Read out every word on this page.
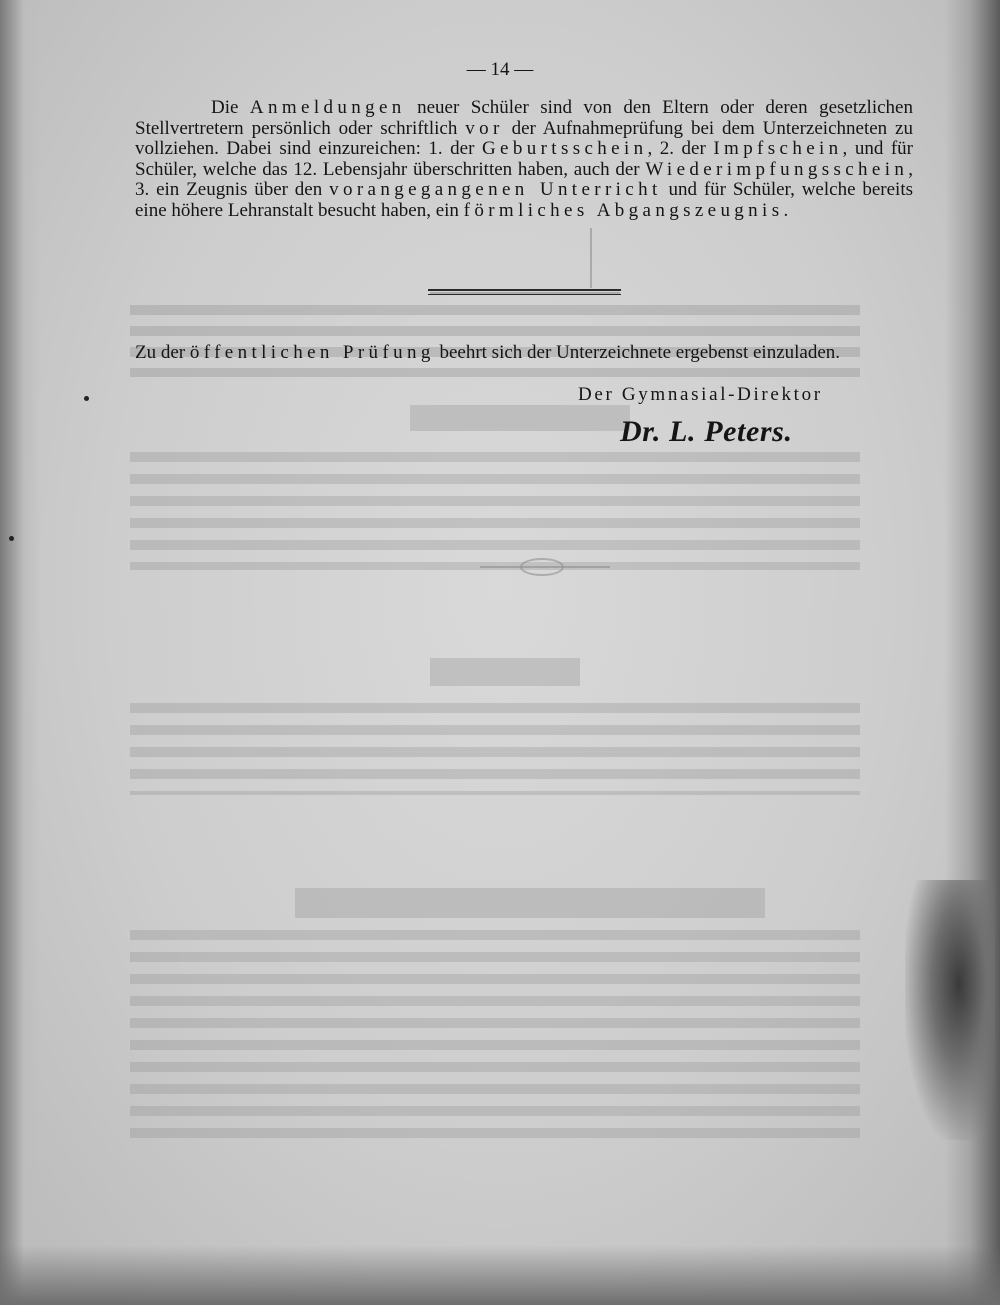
— 14 —

Die Anmeldungen neuer Schüler sind von den Eltern oder deren gesetzlichen Stellvertretern persönlich oder schriftlich vor der Aufnahmeprüfung bei dem Unterzeichneten zu vollziehen. Dabei sind einzureichen: 1. der Geburtsschein, 2. der Impfschein, und für Schüler, welche das 12. Lebensjahr überschritten haben, auch der Wiederimpfungsschein, 3. ein Zeugnis über den vorangegangenen Unterricht und für Schüler, welche bereits eine höhere Lehranstalt besucht haben, ein förmliches Abgangszeugnis.

Zu der öffentlichen Prüfung beehrt sich der Unterzeichnete ergebenst einzuladen.
Der Gymnasial-Direktor
Dr. L. Peters.
